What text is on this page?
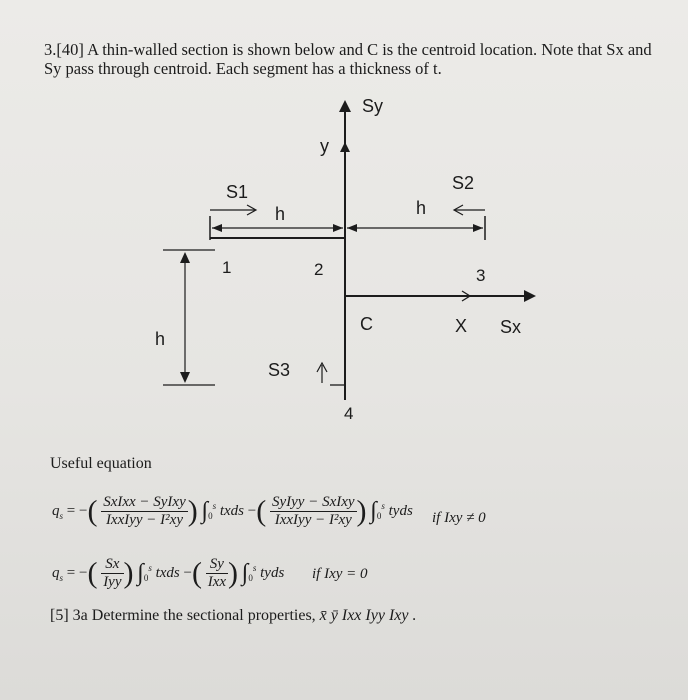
3.[40] A thin-walled section is shown below and C is the centroid location. Note that Sx and Sy pass through centroid. Each segment has a thickness of t.
Sy
y
S1
h
S2
h
1	2	3
4
Sx
X
C
h
S3
Useful equation
$q_s$ = −( $\frac{\text{SxIxx − SyIxy}}{\text{IxxIyy − I²xy}}$ ) $\int_0^s$ txds −( $\frac{\text{SyIyy − SxIxy}}{\text{IxxIyy − I²xy}}$ ) $\int_0^s$ tyds if Ixy ≠ 0
$q_s$ = −( $\frac{Sx}{\text{Iyy}}$ ) $\int_0^s$ txds −( $\frac{Sy}{\text{Ixx}}$ ) $\int_0^s$ tyds if Ixy = 0
[5] 3a Determine the sectional properties, x̄ ȳ Ixx Iyy Ixy .
